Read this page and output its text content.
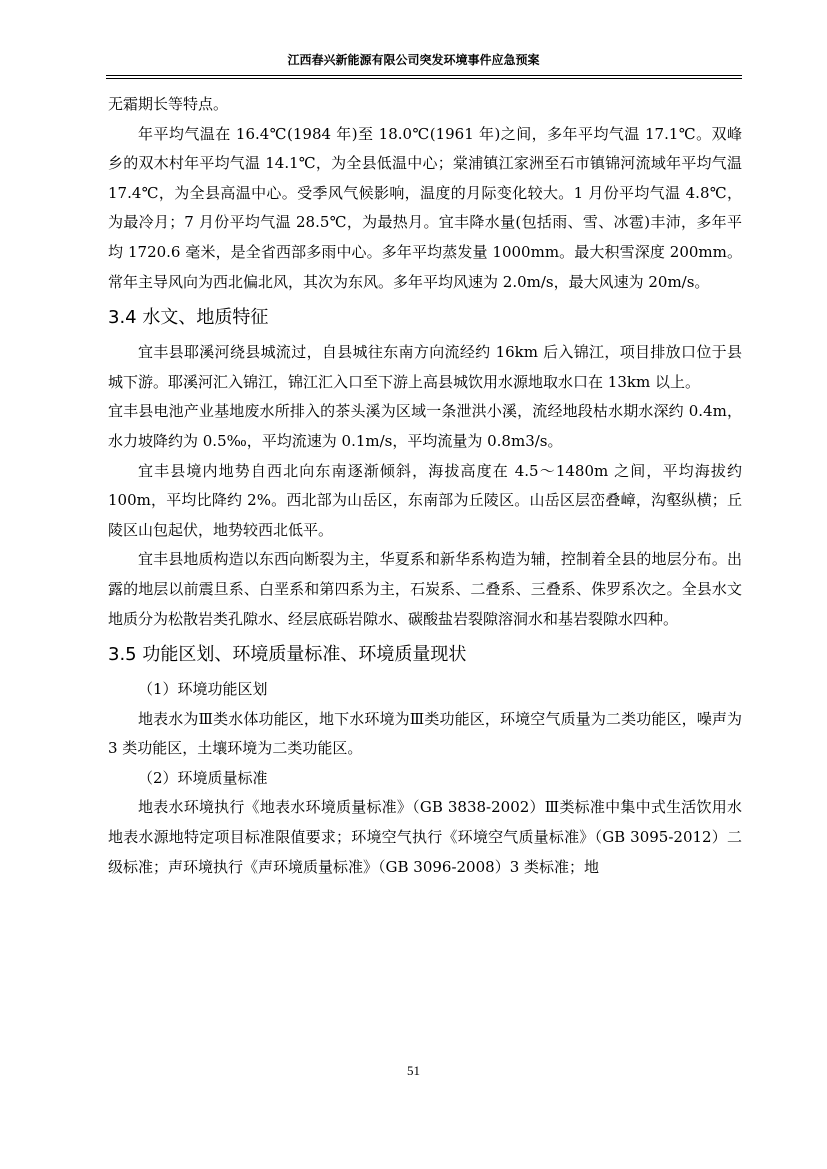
江西春兴新能源有限公司突发环境事件应急预案

无霜期长等特点。

年平均气温在 16.4℃(1984 年)至 18.0℃(1961 年)之间，多年平均气温 17.1℃。双峰乡的双木村年平均气温 14.1℃，为全县低温中心；棠浦镇江家洲至石市镇锦河流域年平均气温 17.4℃，为全县高温中心。受季风气候影响，温度的月际变化较大。1 月份平均气温 4.8℃，为最冷月；7 月份平均气温 28.5℃，为最热月。宜丰降水量(包括雨、雪、冰雹)丰沛，多年平均 1720.6 毫米，是全省西部多雨中心。多年平均蒸发量 1000mm。最大积雪深度 200mm。常年主导风向为西北偏北风，其次为东风。多年平均风速为 2.0m/s，最大风速为 20m/s。

3.4 水文、地质特征

宜丰县耶溪河绕县城流过，自县城往东南方向流经约 16km 后入锦江，项目排放口位于县城下游。耶溪河汇入锦江，锦江汇入口至下游上高县城饮用水源地取水口在 13km 以上。

宜丰县电池产业基地废水所排入的茶头溪为区域一条泄洪小溪，流经地段枯水期水深约 0.4m，水力坡降约为 0.5‰，平均流速为 0.1m/s，平均流量为 0.8m3/s。

宜丰县境内地势自西北向东南逐渐倾斜，海拔高度在 4.5～1480m 之间，平均海拔约 100m，平均比降约 2%。西北部为山岳区，东南部为丘陵区。山岳区层峦叠嶂，沟壑纵横；丘陵区山包起伏，地势较西北低平。

宜丰县地质构造以东西向断裂为主，华夏系和新华系构造为辅，控制着全县的地层分布。出露的地层以前震旦系、白垩系和第四系为主，石炭系、二叠系、三叠系、侏罗系次之。全县水文地质分为松散岩类孔隙水、经层底砾岩隙水、碳酸盐岩裂隙溶洞水和基岩裂隙水四种。

3.5 功能区划、环境质量标准、环境质量现状

（1）环境功能区划

地表水为Ⅲ类水体功能区，地下水环境为Ⅲ类功能区，环境空气质量为二类功能区，噪声为 3 类功能区，土壤环境为二类功能区。

（2）环境质量标准

地表水环境执行《地表水环境质量标准》（GB 3838-2002）Ⅲ类标准中集中式生活饮用水地表水源地特定项目标准限值要求；环境空气执行《环境空气质量标准》（GB 3095-2012）二级标准；声环境执行《声环境质量标准》（GB 3096-2008）3 类标准；地

51
